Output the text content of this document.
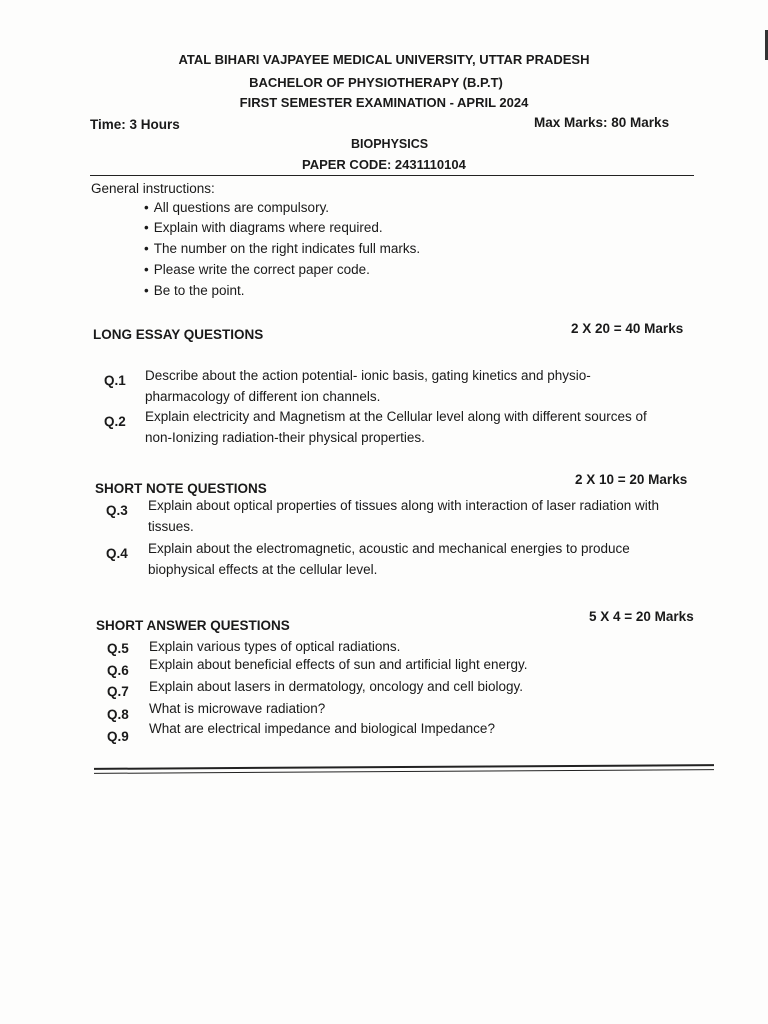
ATAL BIHARI VAJPAYEE MEDICAL UNIVERSITY, UTTAR PRADESH
BACHELOR OF PHYSIOTHERAPY (B.P.T)
FIRST SEMESTER EXAMINATION - APRIL 2024
Time: 3 Hours	Max Marks: 80 Marks
BIOPHYSICS
PAPER CODE: 2431110104
General instructions:
• All questions are compulsory.
• Explain with diagrams where required.
• The number on the right indicates full marks.
• Please write the correct paper code.
• Be to the point.
LONG ESSAY QUESTIONS	2 X 20 = 40 Marks
Q.1 Describe about the action potential- ionic basis, gating kinetics and physio-pharmacology of different ion channels.
Q.2 Explain electricity and Magnetism at the Cellular level along with different sources of non-Ionizing radiation-their physical properties.
SHORT NOTE QUESTIONS
2 X 10 = 20 Marks
Q.3 Explain about optical properties of tissues along with interaction of laser radiation with tissues.
Q.4 Explain about the electromagnetic, acoustic and mechanical energies to produce biophysical effects at the cellular level.
SHORT ANSWER QUESTIONS
5 X 4 = 20 Marks
Q.5 Explain various types of optical radiations.
Q.6 Explain about beneficial effects of sun and artificial light energy.
Q.7 Explain about lasers in dermatology, oncology and cell biology.
Q.8 What is microwave radiation?
Q.9
What are electrical impedance and biological Impedance?
